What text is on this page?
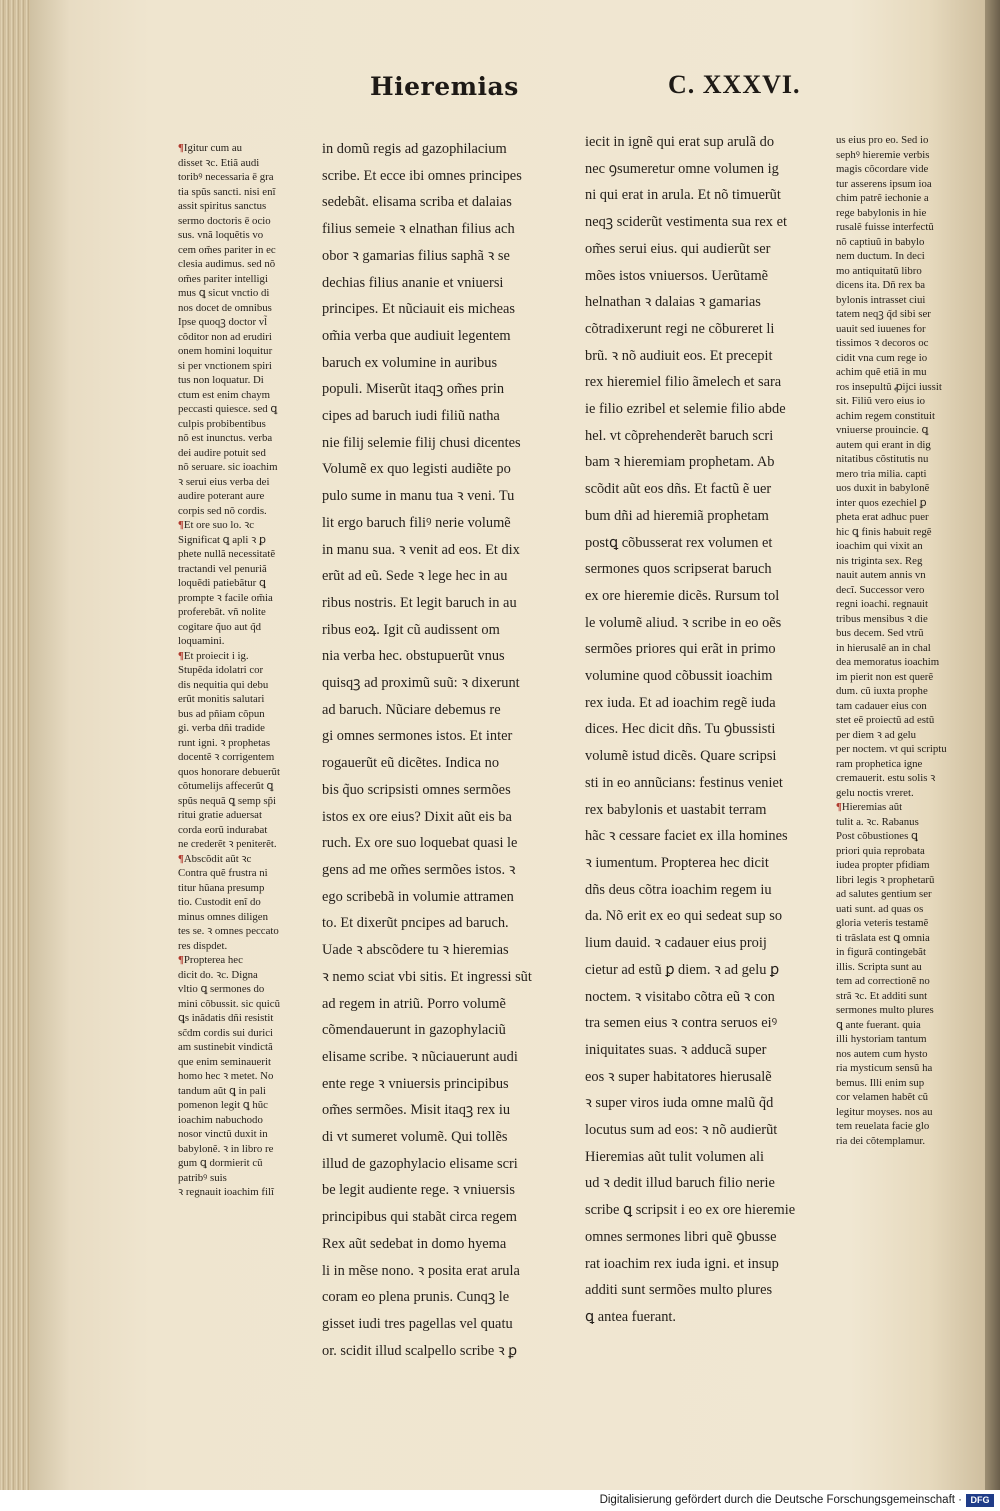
Hieremias	C. XXXVI.
¶Igitur cum au

disset ꝛc. Etiã audi
toribꝰ necessaria ē gra
tia spũs sancti. nisi enĩ
assit spiritus sanctus
sermo doctoris ē ocio
sus. vnã loquẽtis vo
cem om̃es pariter in ec
clesia audimus. sed nõ
om̃es pariter intelligi
mus ꝗ sicut vnctio di
nos docet de omnibus
Ipse quoqꝫ doctor vl̃
cõditor non ad erudiri
onem homini loquitur
si per vnctionem spiri
tus non loquatur. Di
ctum est enim chaym
peccasti quiesce. sed ꝗ
culpis probibentibus
nõ est inunctus. verba
dei audire potuit sed
nõ seruare. sic ioachim
ꝛ serui eius verba dei
audire poterant aure
corpis sed nõ cordis.
¶Et ore suo lo. ꝛc

Significat ꝗ apli ꝛ ꝑ
phete nullã necessitatẽ
tractandi vel penuriã
loquẽdi patiebãtur ꝗ
prompte ꝛ facile om̃ia
proferebãt. vñ nolite
cogitare q̃uo aut q̃d
loquamini.
¶Et proiecit i ig.

Stupẽda idolatri cor
dis nequitia qui debu
erũt monitis salutari
bus ad pñiam cõpun
gi. verba dñi tradide
runt igni. ꝛ prophetas
docentẽ ꝛ corrigentem
quos honorare debuerũt
cõtumelijs affecerũt ꝗ
spũs nequã ꝗ semp sp̃i
ritui gratie aduersat
corda eorũ indurabat
ne crederẽt ꝛ peniterẽt.
¶Abscõdit aũt ꝛc

Contra quẽ frustra ni
titur hũana presump
tio. Custodit enĩ do
minus omnes diligen
tes se. ꝛ omnes peccato
res dispdet.
¶Propterea hec

dicit do. ꝛc. Digna
vltio ꝗ sermones do
mini cõbussit. sic quicũ
ꝗs inãdatis dñi resistit
sc̃dm cordis sui durici
am sustinebit vindictã
que enim seminauerit
homo hec ꝛ metet. No
tandum aũt ꝗ in pali
pomenon legit ꝗ hũc
ioachim nabuchodo
nosor vinctũ duxit in
babylonẽ. ꝛ in libro re
gum ꝗ dormierit cũ
patribꝰ suis
ꝛ regnauit ioachim filĩ
in domũ regis ad gazophilacium
scribe. Et ecce ibi omnes principes
sedebãt. elisama scriba et dalaias
filius semeie ꝛ elnathan filius ach
obor ꝛ gamarias filius saphã ꝛ se
dechias filius ananie et vniuersi
principes. Et nũciauit eis micheas
om̃ia verba que audiuit legentem
baruch ex volumine in auribus
populi. Miserũt itaqꝫ om̃es prin
cipes ad baruch iudi filiũ natha
nie filij selemie filij chusi dicentes
Volumẽ ex quo legisti audiẽte po
pulo sume in manu tua ꝛ veni. Tu
lit ergo baruch filiꝰ nerie volumẽ
in manu sua. ꝛ venit ad eos. Et dix
erũt ad eũ. Sede ꝛ lege hec in au
ribus nostris. Et legit baruch in au
ribus eoꝝ. Igit cũ audissent om
nia verba hec. obstupuerũt vnus
quisqꝫ ad proximũ suũ: ꝛ dixerunt
ad baruch. Nũciare debemus re
gi omnes sermones istos. Et inter
rogauerũt eũ dicẽtes. Indica no
bis q̃uo scripsisti omnes sermões
istos ex ore eius? Dixit aũt eis ba
ruch. Ex ore suo loquebat quasi le
gens ad me om̃es sermões istos. ꝛ
ego scribebã in volumie attramen
to. Et dixerũt pncipes ad baruch.
Uade ꝛ abscõdere tu ꝛ hieremias
ꝛ nemo sciat vbi sitis. Et ingressi sũt
ad regem in atriũ. Porro volumẽ
cõmendauerunt in gazophylaciũ
elisame scribe. ꝛ nũciauerunt audi
ente rege ꝛ vniuersis principibus
om̃es sermões. Misit itaqꝫ rex iu
di vt sumeret volumẽ. Qui tollẽs
illud de gazophylacio elisame scri
be legit audiente rege. ꝛ vniuersis
principibus qui stabãt circa regem
Rex aũt sedebat in domo hyema
li in mẽse nono. ꝛ posita erat arula
coram eo plena prunis. Cunqꝫ le
gisset iudi tres pagellas vel quatu
or. scidit illud scalpello scribe ꝛ ꝑ
iecit in ignẽ qui erat sup arulã do
nec ꝯsumeretur omne volumen ig
ni qui erat in arula. Et nõ timuerũt
neqꝫ sciderũt vestimenta sua rex et
om̃es serui eius. qui audierũt ser
mões istos vniuersos. Uerũtamẽ
helnathan ꝛ dalaias ꝛ gamarias
cõtradixerunt regi ne cõbureret li
brũ. ꝛ nõ audiuit eos. Et precepit
rex hieremiel filio ãmelech et sara
ie filio ezribel et selemie filio abde
hel. vt cõprehenderẽt baruch scri
bam ꝛ hieremiam prophetam. Ab
scõdit aũt eos dñs. Et factũ ẽ uer
bum dñi ad hieremiã prophetam
postꝗ cõbusserat rex volumen et
sermones quos scripserat baruch
ex ore hieremie dicẽs. Rursum tol
le volumẽ aliud. ꝛ scribe in eo oẽs
sermões priores qui erãt in primo
volumine quod cõbussit ioachim
rex iuda. Et ad ioachim regẽ iuda
dices. Hec dicit dñs. Tu ꝯbussisti
volumẽ istud dicẽs. Quare scripsi
sti in eo annũcians: festinus veniet
rex babylonis et uastabit terram
hãc ꝛ cessare faciet ex illa homines
ꝛ iumentum. Propterea hec dicit
dñs deus cõtra ioachim regem iu
da. Nõ erit ex eo qui sedeat sup so
lium dauid. ꝛ cadauer eius proij
cietur ad estũ ꝑ diem. ꝛ ad gelu ꝑ
noctem. ꝛ visitabo cõtra eũ ꝛ con
tra semen eius ꝛ contra seruos eiꝰ
iniquitates suas. ꝛ adducã super
eos ꝛ super habitatores hierusalẽ
ꝛ super viros iuda omne malũ q̃d
locutus sum ad eos: ꝛ nõ audierũt
Hieremias aũt tulit volumen ali
ud ꝛ dedit illud baruch filio nerie
scribe ꝗ scripsit i eo ex ore hieremie
omnes sermones libri quẽ ꝯbusse
rat ioachim rex iuda igni. et insup
additi sunt sermões multo plures
ꝗ antea fuerant.
us eius pro eo. Sed io
sephꝰ hieremie verbis
magis cõcordare vide
tur asserens ipsum ioa
chim patrẽ iechonie a
rege babylonis in hie
rusalẽ fuisse interfectũ
nõ captiuũ in babylo
nem ductum. In deci
mo antiquitatũ libro
dicens ita. Dñ rex ba
bylonis intrasset ciui
tatem neqꝫ q̃d sibi ser
uauit sed iuuenes for
tissimos ꝛ decoros oc
cidit vna cum rege io
achim quẽ etiã in mu
ros insepultũ ꝓijci iussit
sit. Filiũ vero eius io
achim regem constituit
vniuerse prouincie. ꝗ
autem qui erant in dig
nitatibus cõstitutis nu
mero tria milia. capti
uos duxit in babylonẽ
inter quos ezechiel ꝑ
pheta erat adhuc puer
hic ꝗ finis habuit regẽ
ioachim qui vixit an
nis triginta sex. Reg
nauit autem annis vn
decĩ. Successor vero
regni ioachi. regnauit
tribus mensibus ꝛ die
bus decem. Sed vtrũ
in hierusalẽ an in chal
dea memoratus ioachim
im pierit non est querẽ
dum. cũ iuxta prophe
tam cadauer eius con
stet eẽ proiectũ ad estũ
per diem ꝛ ad gelu
per noctem. vt qui scriptu
ram prophetica igne
cremauerit. estu solis ꝛ
gelu noctis vreret.
¶Hieremias aũt

tulit a. ꝛc. Rabanus
Post cõbustiones ꝗ
priori quia reprobata
iudea propter pfidiam
libri legis ꝛ prophetarũ
ad salutes gentium ser
uati sunt. ad quas os
gloria veteris testamẽ
ti trãslata est ꝗ omnia
in figurã contingebãt
illis. Scripta sunt au
tem ad correctionẽ no
strã ꝛc. Et additi sunt
sermones multo plures
ꝗ ante fuerant. quia
illi hystoriam tantum
nos autem cum hysto
ria mysticum sensũ ha
bemus. Illi enim sup
cor velamen habẽt cũ
legitur moyses. nos au
tem reuelata facie glo
ria dei cõtemplamur.
Digitalisierung gefördert durch die Deutsche Forschungsgemeinschaft · DFG
